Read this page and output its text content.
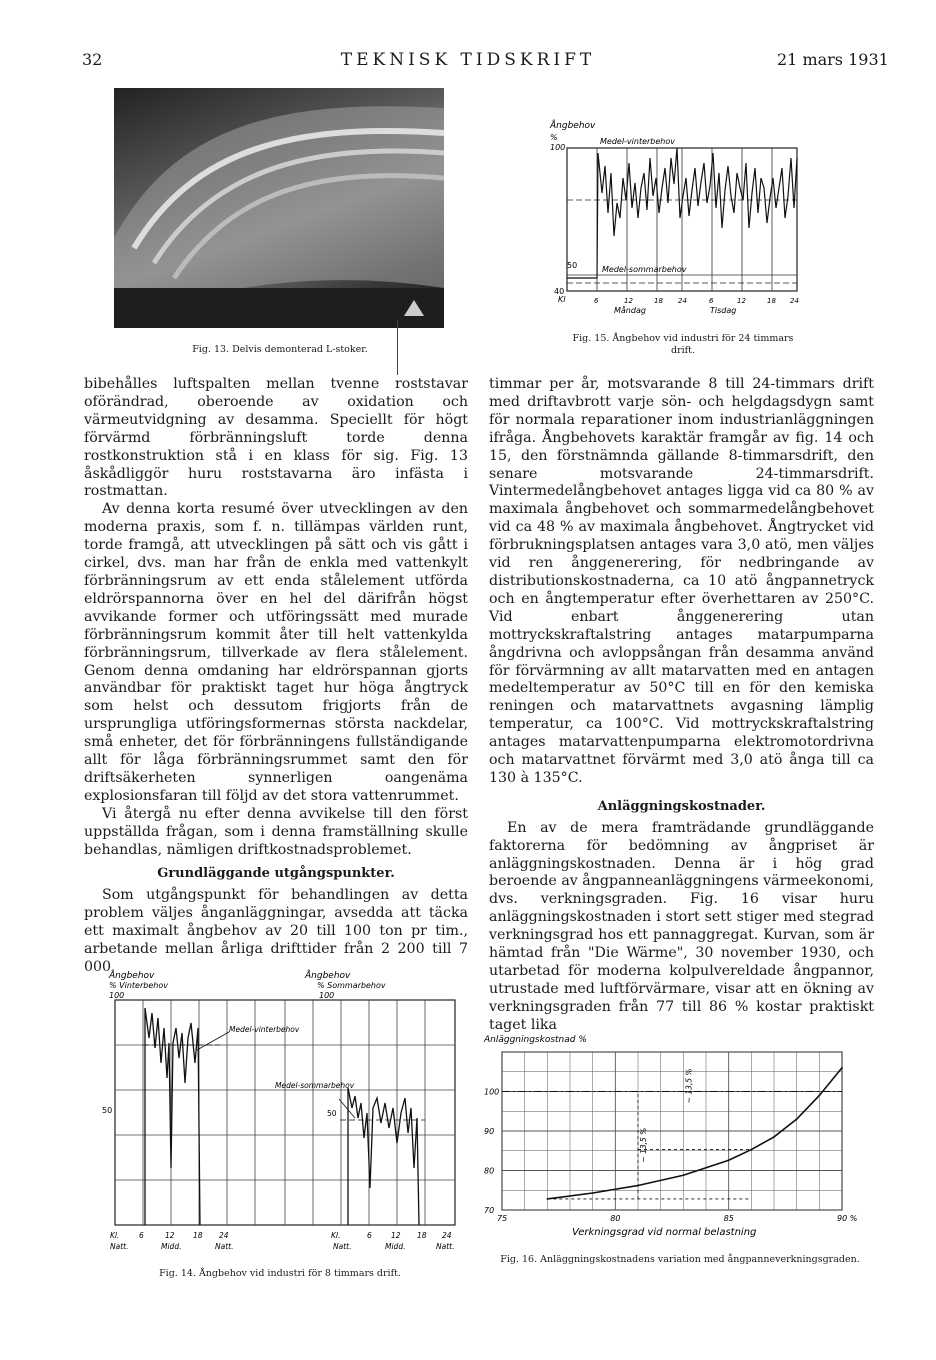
32	TEKNISK TIDSKRIFT	21 mars 1931
Fig. 13. Delvis demonterad L-stoker.
Ångbehov
%
100
Medel-vinterbehov
50	Medel-sommarbehov
40
Kl	6	12	18 24	6	12	18 24
Måndag	Tisdag
Fig. 15. Ångbehov vid industri för 24 timmars drift.

bibehålles luftspalten mellan tvenne roststavar oförändrad, oberoende av oxidation och värmeutvidgning av desamma. Speciellt för högt förvärmd förbränningsluft torde denna rostkonstruktion stå i en klass för sig. Fig. 13 åskådliggör huru roststavarna äro infästa i rostmattan.

Av denna korta resumé över utvecklingen av den moderna praxis, som f. n. tillämpas världen runt, torde framgå, att utvecklingen på sätt och vis gått i cirkel, dvs. man har från de enkla med vattenkylt förbränningsrum av ett enda stålelement utförda eldrörspannorna över en hel del därifrån högst avvikande former och utföringssätt med murade förbränningsrum kommit åter till helt vattenkylda förbränningsrum, tillverkade av flera stålelement. Genom denna omdaning har eldrörspannan gjorts användbar för praktiskt taget hur höga ångtryck som helst och dessutom frigjorts från de ursprungliga utföringsformernas största nackdelar, små enheter, det för förbränningens fullständigande allt för låga förbränningsrummet samt den för driftsäkerheten synnerligen oangenäma explosionsfaran till följd av det stora vattenrummet.

Vi återgå nu efter denna avvikelse till den först uppställda frågan, som i denna framställning skulle behandlas, nämligen driftkostnadsproblemet.

Grundläggande utgångspunkter.

Som utgångspunkt för behandlingen av detta problem väljes ånganläggningar, avsedda att täcka ett maximalt ångbehov av 20 till 100 ton pr tim., arbetande mellan årliga drifttider från 2 200 till 7 000

timmar per år, motsvarande 8 till 24-timmars drift med driftavbrott varje sön- och helgdagsdygn samt för normala reparationer inom industrianläggningen ifråga. Ångbehovets karaktär framgår av fig. 14 och 15, den förstnämnda gällande 8-timmarsdrift, den senare motsvarande 24-timmarsdrift. Vintermedelångbehovet antages ligga vid ca 80 % av maximala ångbehovet och sommarmedelångbehovet vid ca 48 % av maximala ångbehovet. Ångtrycket vid förbrukningsplatsen antages vara 3,0 atö, men väljes vid ren ånggenerering, för nedbringande av distributionskostnaderna, ca 10 atö ångpannetryck och en ångtemperatur efter överhettaren av 250°C. Vid enbart ånggenerering utan mottryckskraftalstring antages matarpumparna ångdrivna och avloppsångan från desamma använd för förvärmning av allt matarvatten med en antagen medeltemperatur av 50°C till en för den kemiska reningen och matarvattnets avgasning lämplig temperatur, ca 100°C. Vid mottryckskraftalstring antages matarvattenpumparna elektromotordrivna och matarvattnet förvärmt med 3,0 atö ånga till ca 130 à 135°C.

Anläggningskostnader.

En av de mera framträdande grundläggande faktorerna för bedömning av ångpriset är anläggningskostnaden. Denna är i hög grad beroende av ångpanneanläggningens värmeekonomi, dvs. verkningsgraden. Fig. 16 visar huru anläggningskostnaden i stort sett stiger med stegrad verkningsgrad hos ett pannaggregat. Kurvan, som är hämtad från "Die Wärme", 30 november 1930, och utarbetad för moderna kolpulvereldade ångpannor, utrustade med luftförvärmare, visar att en ökning av verkningsgraden från 77 till 86 % kostar praktiskt taget lika

Ångbehov
% Vinterbehov
100
Ångbehov
% Sommarbehov
100
Medel-vinterbehov
Medel-sommarbehov
50
50
Kl.	6	12 18 24
Natt.	Midd.	Natt.
Kl.	6	12 18 24
Natt.	Midd.	Natt.
Fig. 14. Ångbehov vid industri för 8 timmars drift.
Anläggningskostnad %
70
80
90
100
75	80	85	90 %
~ 13,5 %
~ 13,5 %
Verkningsgrad vid normal belastning
Fig. 16. Anläggningskostnadens variation med ångpanneverkningsgraden.
